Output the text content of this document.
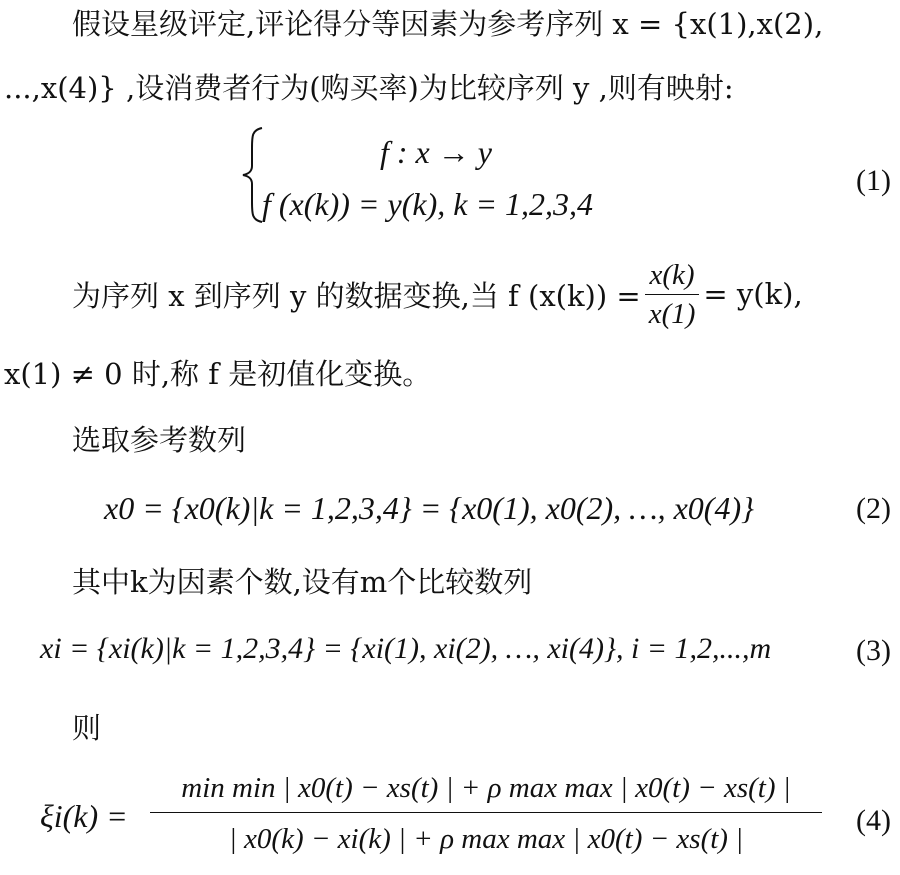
假设星级评定,评论得分等因素为参考序列 x = {x(1),x(2),
...,x(4)} ,设消费者行为(购买率)为比较序列 y ,则有映射:
f : x → y
f (x(k)) = y(k), k = 1,2,3,4
(1)
为序列 x 到序列 y 的数据变换,当 f $(x(k)) = \frac{x(k)}{x(1)} = y(k)$,
x(1) ≠ 0 时,称 f 是初值化变换。
选取参考数列
x0 = {x0(k)|k = 1,2,3,4} = {x0(1), x0(2), …, x0(4)}	(2)
其中k为因素个数,设有m个比较数列
xi = {xi(k)|k = 1,2,3,4} = {xi(1), xi(2), …, xi(4)}, i = 1,2,...,m	(3)
则
ξi(k) =
min min | x0(t) − xs(t) | + ρ max max | x0(t) − xs(t) |
| x0(k) − xi(k) | + ρ max max | x0(t) − xs(t) |
(4)
